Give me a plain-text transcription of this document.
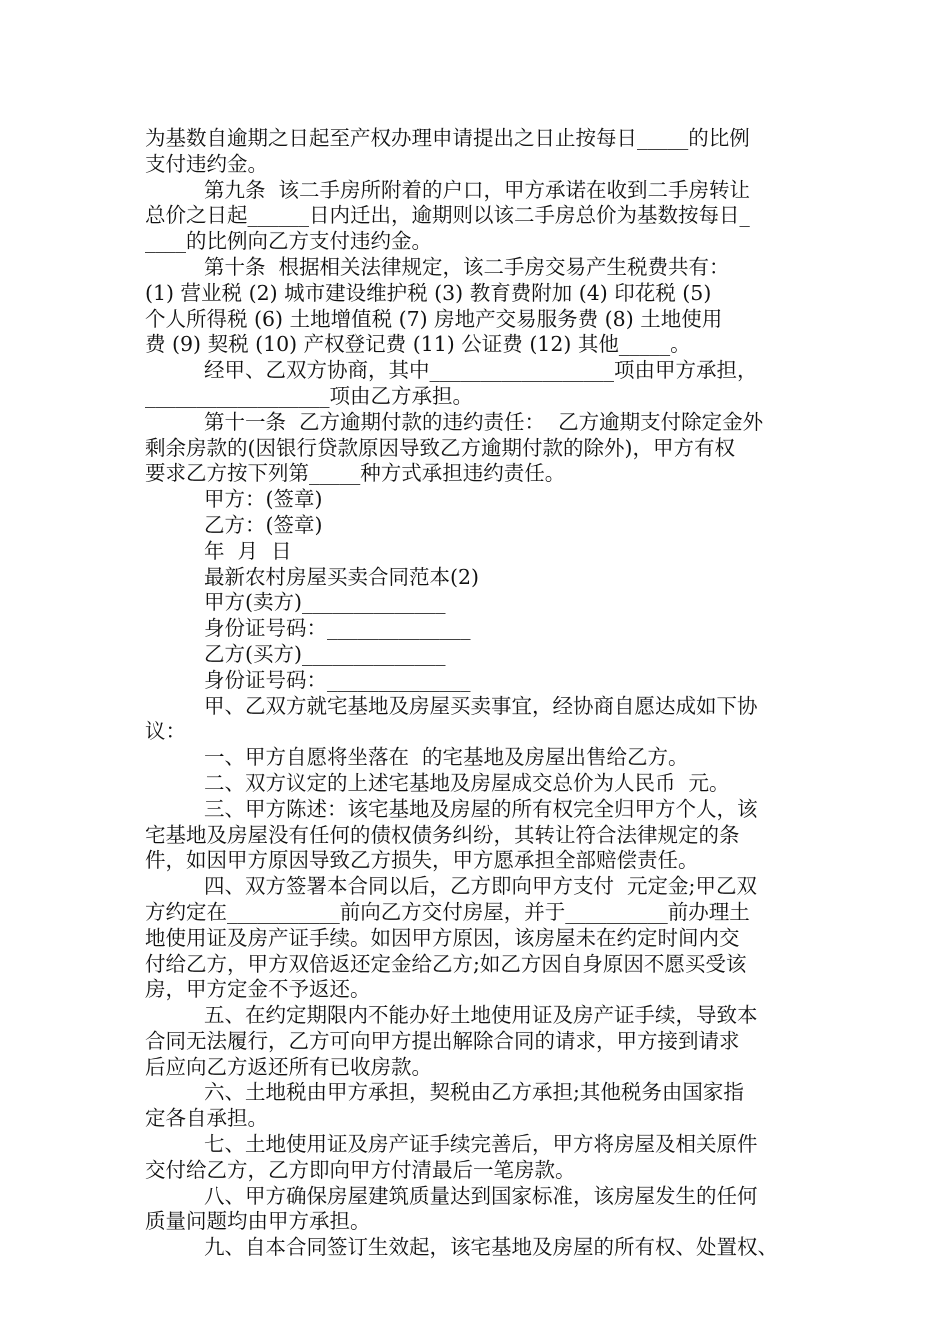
为基数自逾期之日起至产权办理申请提出之日止按每日_____的比例
支付违约金。
第九条  该二手房所附着的户口，甲方承诺在收到二手房转让
总价之日起______日内迁出，逾期则以该二手房总价为基数按每日_
____的比例向乙方支付违约金。
第十条  根据相关法律规定，该二手房交易产生税费共有：
(1) 营业税 (2) 城市建设维护税 (3) 教育费附加 (4) 印花税 (5)
个人所得税 (6) 土地增值税 (7) 房地产交易服务费 (8) 土地使用
费 (9) 契税 (10) 产权登记费 (11) 公证费 (12) 其他_____。
经甲、乙双方协商，其中__________________项由甲方承担，
__________________项由乙方承担。
第十一条  乙方逾期付款的违约责任：  乙方逾期支付除定金外
剩余房款的(因银行贷款原因导致乙方逾期付款的除外)，甲方有权
要求乙方按下列第_____种方式承担违约责任。
甲方：(签章)
乙方：(签章)
年  月  日
最新农村房屋买卖合同范本(2)
甲方(卖方)______________
身份证号码：______________
乙方(买方)______________
身份证号码：______________
甲、乙双方就宅基地及房屋买卖事宜，经协商自愿达成如下协
议：
一、甲方自愿将坐落在  的宅基地及房屋出售给乙方。
二、双方议定的上述宅基地及房屋成交总价为人民币  元。
三、甲方陈述：该宅基地及房屋的所有权完全归甲方个人，该
宅基地及房屋没有任何的债权债务纠纷，其转让符合法律规定的条
件，如因甲方原因导致乙方损失，甲方愿承担全部赔偿责任。
四、双方签署本合同以后，乙方即向甲方支付  元定金;甲乙双
方约定在___________前向乙方交付房屋，并于__________前办理土
地使用证及房产证手续。如因甲方原因，该房屋未在约定时间内交
付给乙方，甲方双倍返还定金给乙方;如乙方因自身原因不愿买受该
房，甲方定金不予返还。
五、在约定期限内不能办好土地使用证及房产证手续，导致本
合同无法履行，乙方可向甲方提出解除合同的请求，甲方接到请求
后应向乙方返还所有已收房款。
六、土地税由甲方承担，契税由乙方承担;其他税务由国家指
定各自承担。
七、土地使用证及房产证手续完善后，甲方将房屋及相关原件
交付给乙方，乙方即向甲方付清最后一笔房款。
八、甲方确保房屋建筑质量达到国家标准，该房屋发生的任何
质量问题均由甲方承担。
九、自本合同签订生效起，该宅基地及房屋的所有权、处置权、
